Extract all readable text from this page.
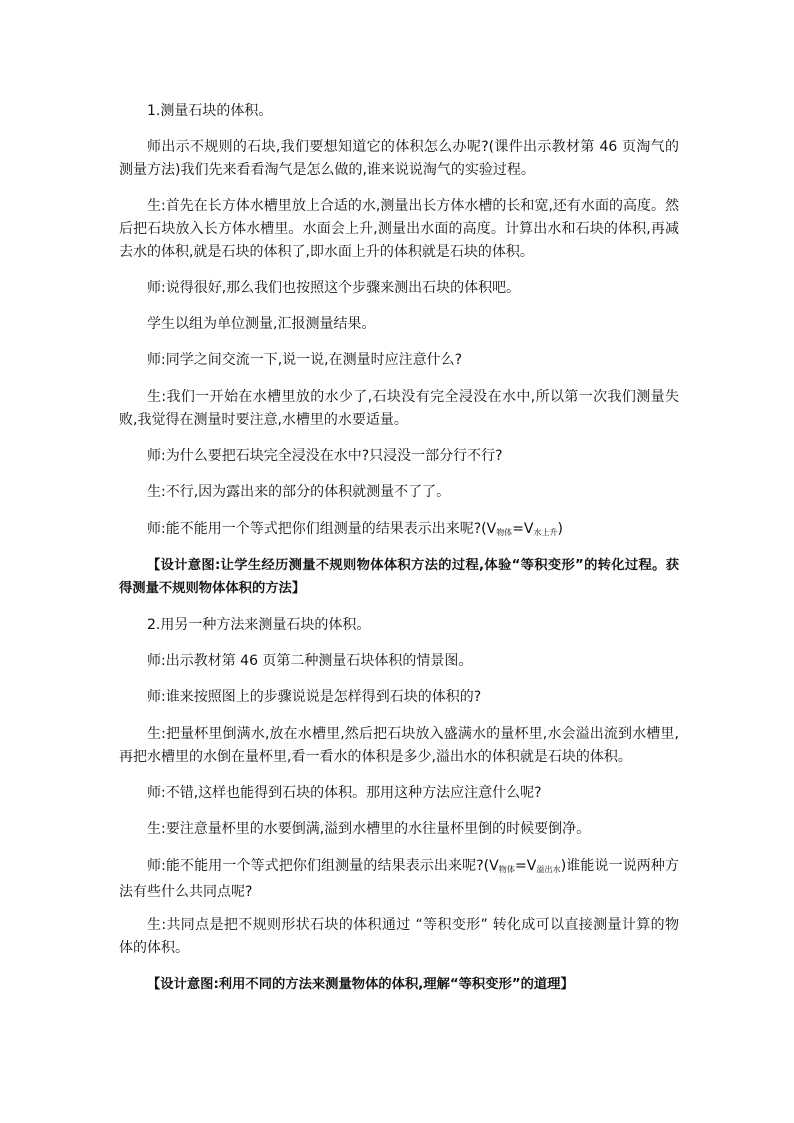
1.测量石块的体积。

师出示不规则的石块,我们要想知道它的体积怎么办呢?(课件出示教材第 46 页淘气的测量方法)我们先来看看淘气是怎么做的,谁来说说淘气的实验过程。

生:首先在长方体水槽里放上合适的水,测量出长方体水槽的长和宽,还有水面的高度。然后把石块放入长方体水槽里。水面会上升,测量出水面的高度。计算出水和石块的体积,再减去水的体积,就是石块的体积了,即水面上升的体积就是石块的体积。

师:说得很好,那么我们也按照这个步骤来测出石块的体积吧。

学生以组为单位测量,汇报测量结果。

师:同学之间交流一下,说一说,在测量时应注意什么?

生:我们一开始在水槽里放的水少了,石块没有完全浸没在水中,所以第一次我们测量失败,我觉得在测量时要注意,水槽里的水要适量。

师:为什么要把石块完全浸没在水中?只浸没一部分行不行?

生:不行,因为露出来的部分的体积就测量不了了。

师:能不能用一个等式把你们组测量的结果表示出来呢$?(V_{物体}=V_{水上升})$

【设计意图:让学生经历测量不规则物体体积方法的过程,体验“等积变形”的转化过程。获得测量不规则物体体积的方法】

2.用另一种方法来测量石块的体积。

师:出示教材第 46 页第二种测量石块体积的情景图。

师:谁来按照图上的步骤说说是怎样得到石块的体积的?

生:把量杯里倒满水,放在水槽里,然后把石块放入盛满水的量杯里,水会溢出流到水槽里,再把水槽里的水倒在量杯里,看一看水的体积是多少,溢出水的体积就是石块的体积。

师:不错,这样也能得到石块的体积。那用这种方法应注意什么呢?

生:要注意量杯里的水要倒满,溢到水槽里的水往量杯里倒的时候要倒净。

师:能不能用一个等式把你们组测量的结果表示出来呢$?(V_{物体}=V_{溢出水})$谁能说一说两种方法有些什么共同点呢?

生:共同点是把不规则形状石块的体积通过 “等积变形” 转化成可以直接测量计算的物体的体积。

【设计意图:利用不同的方法来测量物体的体积,理解“等积变形”的道理】
